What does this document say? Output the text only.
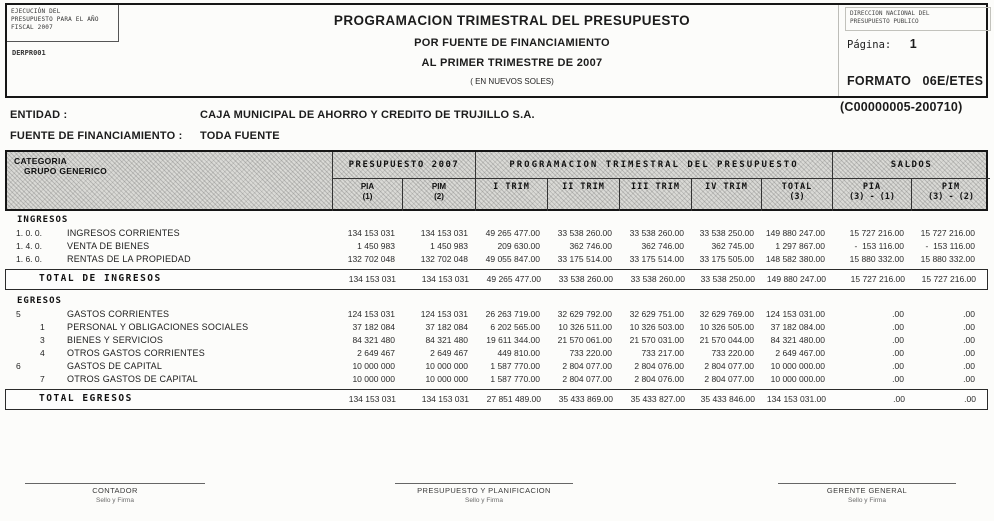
EJECUCIÓN DEL
PRESUPUESTO PARA EL AÑO
FISCAL 2007
DERPR001
PROGRAMACION TRIMESTRAL DEL PRESUPUESTO
POR FUENTE DE FINANCIAMIENTO
AL PRIMER TRIMESTRE DE 2007
( EN NUEVOS SOLES)
DIRECCION NACIONAL DEL
PRESUPUESTO PUBLICO
Página: 1
FORMATO   06E/ETES
(C00000005-200710)
ENTIDAD :	CAJA MUNICIPAL DE AHORRO Y CREDITO DE TRUJILLO S.A.
FUENTE DE FINANCIAMIENTO : TODA FUENTE
CATEGORIA
GRUPO GENERICO
PRESUPUESTO 2007	PROGRAMACION TRIMESTRAL DEL PRESUPUESTO	SALDOS
PIA
(1)
PIM
(2)
I TRIM	II TRIM	III TRIM	IV TRIM	TOTAL
(3)
PIA
(3) - (1)
PIM
(3) - (2)
INGRESOS
1. 0. 0.	INGRESOS CORRIENTES	134 153 031	134 153 031	49 265 477.00	33 538 260.00	33 538 260.00	33 538 250.00	149 880 247.00	15 727 216.00	15 727 216.00
1. 4. 0.	VENTA DE BIENES	1 450 983	1 450 983	209 630.00	362 746.00	362 746.00	362 745.00	1 297 867.00	-  153 116.00	-  153 116.00
1. 6. 0.	RENTAS DE LA PROPIEDAD	132 702 048	132 702 048	49 055 847.00	33 175 514.00	33 175 514.00	33 175 505.00	148 582 380.00	15 880 332.00	15 880 332.00
TOTAL DE INGRESOS	134 153 031	134 153 031	49 265 477.00	33 538 260.00	33 538 260.00	33 538 250.00	149 880 247.00	15 727 216.00	15 727 216.00
EGRESOS
5	GASTOS CORRIENTES	124 153 031	124 153 031	26 263 719.00	32 629 792.00	32 629 751.00	32 629 769.00	124 153 031.00	.00	.00
1 PERSONAL Y OBLIGACIONES SOCIALES	37 182 084	37 182 084	6 202 565.00	10 326 511.00	10 326 503.00	10 326 505.00	37 182 084.00	.00	.00
3 BIENES Y SERVICIOS	84 321 480	84 321 480	19 611 344.00	21 570 061.00	21 570 031.00	21 570 044.00	84 321 480.00	.00	.00
4 OTROS GASTOS CORRIENTES	2 649 467	2 649 467	449 810.00	733 220.00	733 217.00	733 220.00	2 649 467.00	.00	.00
6	GASTOS DE CAPITAL	10 000 000	10 000 000	1 587 770.00	2 804 077.00	2 804 076.00	2 804 077.00	10 000 000.00	.00	.00
7 OTROS GASTOS DE CAPITAL	10 000 000	10 000 000	1 587 770.00	2 804 077.00	2 804 076.00	2 804 077.00	10 000 000.00	.00	.00
TOTAL EGRESOS	134 153 031	134 153 031	27 851 489.00	35 433 869.00	35 433 827.00	35 433 846.00	134 153 031.00	.00	.00
CONTADOR
Sello y Firma
PRESUPUESTO Y PLANIFICACION
Sello y Firma
GERENTE GENERAL
Sello y Firma
